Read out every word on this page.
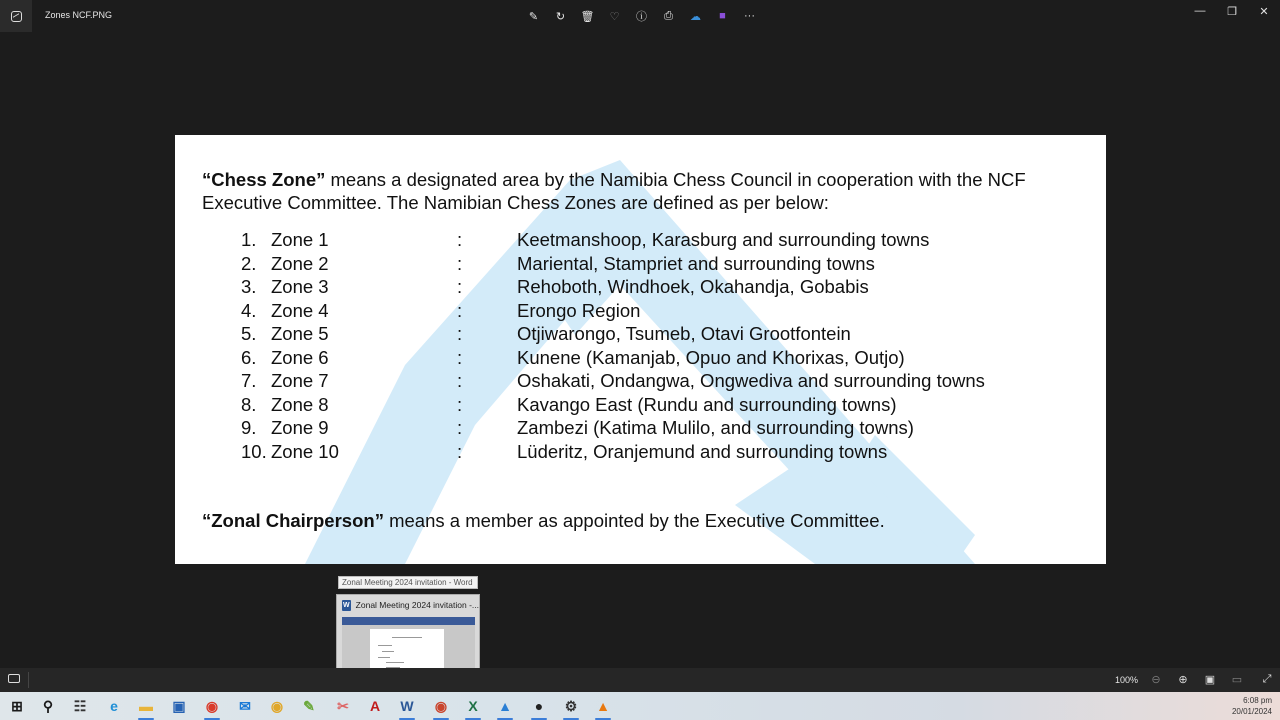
Zones NCF.PNG	✎ ↻ 🗑 ♡ ⓘ ⎙ ☁ ■ ···	—	❐	✕
“Chess Zone” means a designated area by the Namibia Chess Council in cooperation with the NCF Executive Committee. The Namibian Chess Zones are defined as per below:
1. Zone 1	:	Keetmanshoop, Karasburg and surrounding towns
2. Zone 2	:	Mariental, Stampriet and surrounding towns
3. Zone 3	:	Rehoboth, Windhoek, Okahandja, Gobabis
4. Zone 4	:	Erongo Region
5. Zone 5	:	Otjiwarongo, Tsumeb, Otavi Grootfontein
6. Zone 6	:	Kunene (Kamanjab, Opuo and Khorixas, Outjo)
7. Zone 7	:	Oshakati, Ondangwa, Ongwediva and surrounding towns
8. Zone 8	:	Kavango East (Rundu and surrounding towns)
9. Zone 9	:	Zambezi (Katima Mulilo, and surrounding towns)
10. Zone 10	:	Lüderitz, Oranjemund and surrounding towns
“Zonal Chairperson” means a member as appointed by the Executive Committee.
Zonal Meeting 2024 invitation - Word
W Zonal Meeting 2024 invitation -...
100% ⊖ ⊕ ▣ ▭ ⤢
6:08 pm
20/01/2024
⊞ ⚲ ☷ e ▬ ▣ ◉ ✉ ◉ ✎ ✂ A W ◉ X ▲ ● ⚙ ▲
